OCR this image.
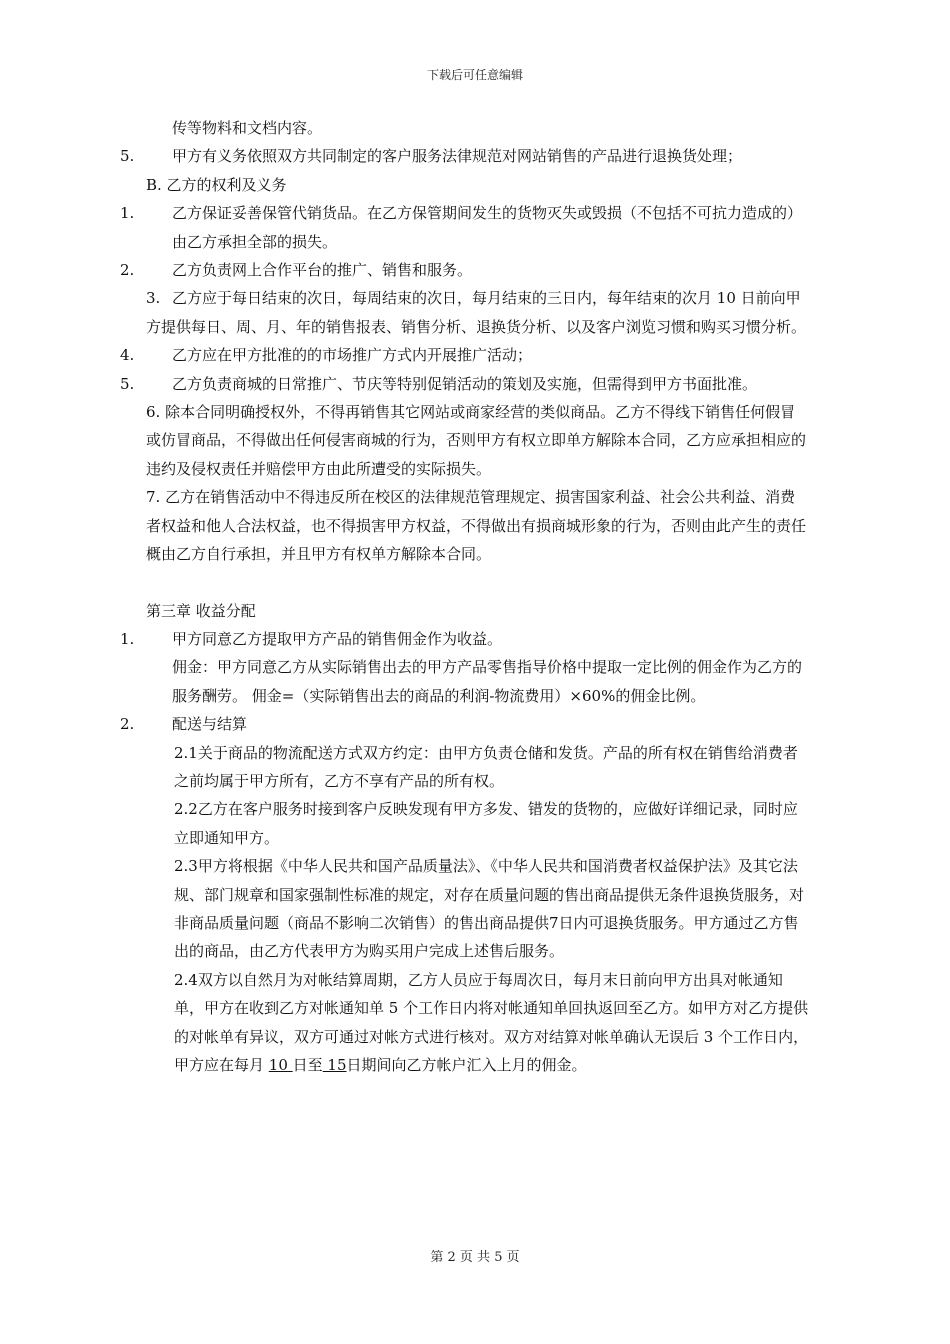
下载后可任意编辑

传等物料和文档内容。

5.	甲方有义务依照双方共同制定的客户服务法律规范对网站销售的产品进行退换货处理；

B. 乙方的权利及义务

1.	乙方保证妥善保管代销货品。在乙方保管期间发生的货物灭失或毁损（不包括不可抗力造成的）由乙方承担全部的损失。

2.	乙方负责网上合作平台的推广、销售和服务。

3. 乙方应于每日结束的次日，每周结束的次日，每月结束的三日内，每年结束的次月 10 日前向甲方提供每日、周、月、年的销售报表、销售分析、退换货分析、以及客户浏览习惯和购买习惯分析。

4.	乙方应在甲方批准的的市场推广方式内开展推广活动；

5.	乙方负责商城的日常推广、节庆等特别促销活动的策划及实施，但需得到甲方书面批准。

6. 除本合同明确授权外，不得再销售其它网站或商家经营的类似商品。乙方不得线下销售任何假冒或仿冒商品，不得做出任何侵害商城的行为，否则甲方有权立即单方解除本合同，乙方应承担相应的违约及侵权责任并赔偿甲方由此所遭受的实际损失。

7. 乙方在销售活动中不得违反所在校区的法律规范管理规定、损害国家利益、社会公共利益、消费者权益和他人合法权益，也不得损害甲方权益，不得做出有损商城形象的行为，否则由此产生的责任概由乙方自行承担，并且甲方有权单方解除本合同。

第三章 收益分配

1.	甲方同意乙方提取甲方产品的销售佣金作为收益。

佣金：甲方同意乙方从实际销售出去的甲方产品零售指导价格中提取一定比例的佣金作为乙方的服务酬劳。 佣金=（实际销售出去的商品的利润-物流费用）×60%的佣金比例。

2.	配送与结算

2.1关于商品的物流配送方式双方约定：由甲方负责仓储和发货。产品的所有权在销售给消费者之前均属于甲方所有，乙方不享有产品的所有权。

2.2乙方在客户服务时接到客户反映发现有甲方多发、错发的货物的，应做好详细记录，同时应立即通知甲方。

2.3甲方将根据《中华人民共和国产品质量法》、《中华人民共和国消费者权益保护法》及其它法规、部门规章和国家强制性标准的规定，对存在质量问题的售出商品提供无条件退换货服务，对非商品质量问题（商品不影响二次销售）的售出商品提供7日内可退换货服务。甲方通过乙方售出的商品，由乙方代表甲方为购买用户完成上述售后服务。

2.4双方以自然月为对帐结算周期，乙方人员应于每周次日，每月末日前向甲方出具对帐通知单，甲方在收到乙方对帐通知单 5 个工作日内将对帐通知单回执返回至乙方。如甲方对乙方提供的对帐单有异议，双方可通过对帐方式进行核对。双方对结算对帐单确认无误后 3 个工作日内，甲方应在每月 10 日至 15日期间向乙方帐户汇入上月的佣金。

第 2 页 共 5 页
